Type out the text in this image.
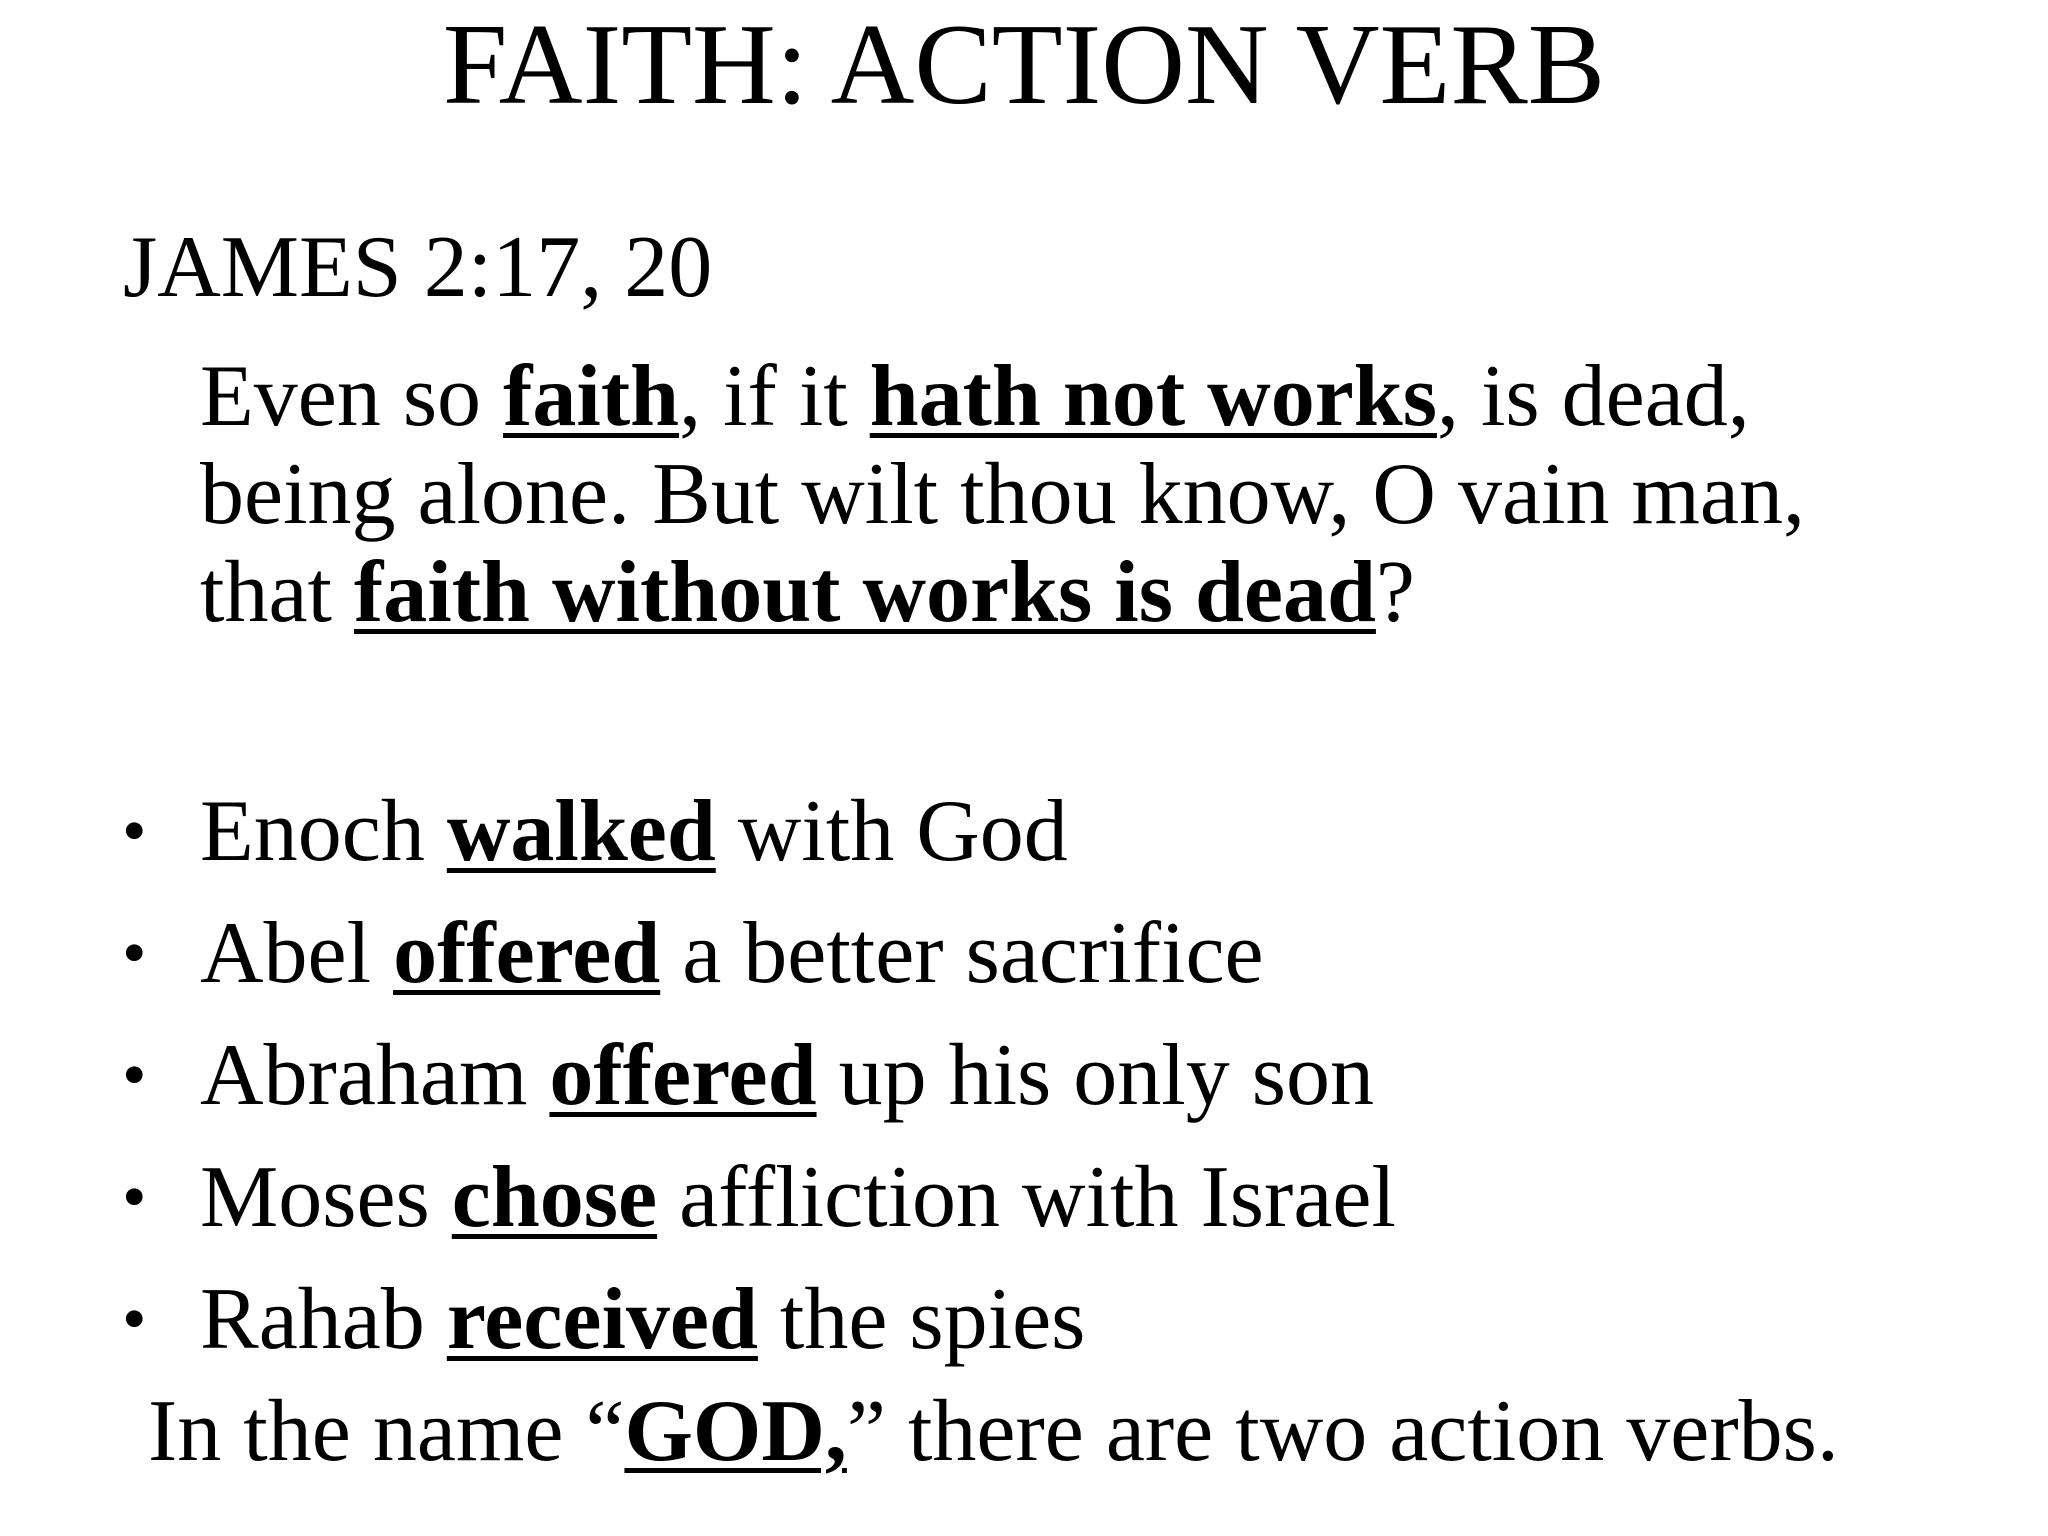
FAITH: ACTION VERB
JAMES 2:17, 20
Even so faith, if it hath not works, is dead,
being alone. But wilt thou know, O vain man,
that faith without works is dead?
• Enoch walked with God
• Abel offered a better sacrifice
• Abraham offered up his only son
• Moses chose affliction with Israel
• Rahab received the spies
In the name “GOD,” there are two action verbs.
